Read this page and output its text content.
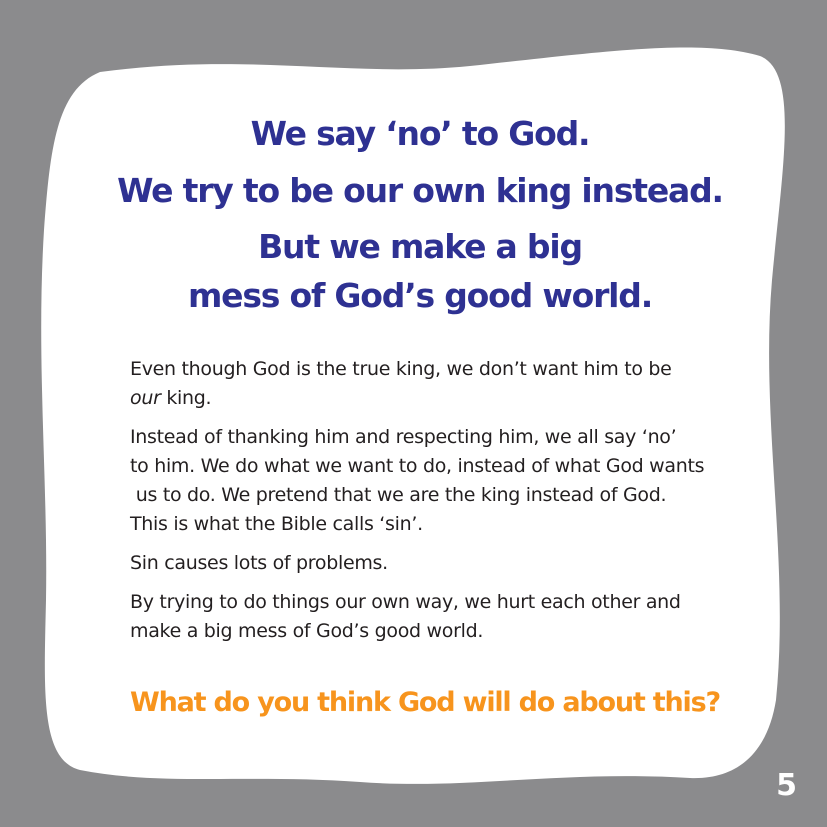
We say ‘no’ to God.
We try to be our own king instead.
But we make a big
mess of God’s good world.

Even though God is the true king, we don’t want him to be
our king.

Instead of thanking him and respecting him, we all say ‘no’
to him. We do what we want to do, instead of what God wants
us to do. We pretend that we are the king instead of God.
This is what the Bible calls ‘sin’.

Sin causes lots of problems.

By trying to do things our own way, we hurt each other and
make a big mess of God’s good world.

What do you think God will do about this?
5
